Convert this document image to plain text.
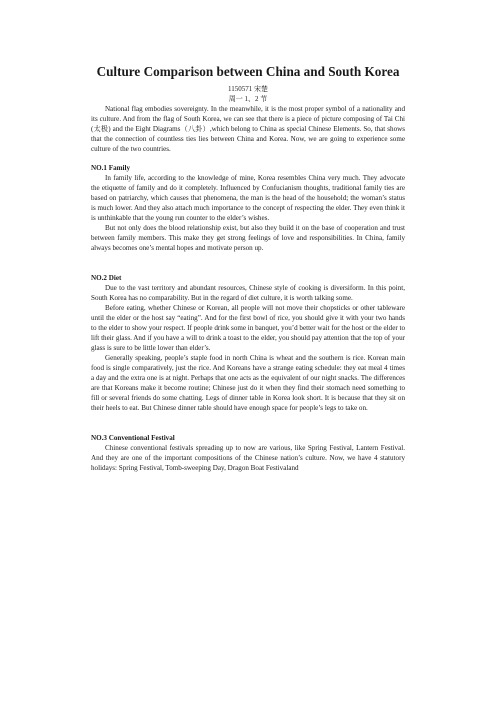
Culture Comparison between China and South Korea
1150571 宋楚
周一 1、2 节

National flag embodies sovereignty. In the meanwhile, it is the most proper symbol of a nationality and its culture. And from the flag of South Korea, we can see that there is a piece of picture composing of Tai Chi (太极) and the Eight Diagrams（八卦）,which belong to China as special Chinese Elements. So, that shows that the connection of countless ties lies between China and Korea. Now, we are going to experience some culture of the two countries.

NO.1 Family

In family life, according to the knowledge of mine, Korea resembles China very much. They advocate the etiquette of family and do it completely. Influenced by Confucianism thoughts, traditional family ties are based on patriarchy, which causes that phenomena, the man is the head of the household; the woman’s status is much lower. And they also attach much importance to the concept of respecting the elder. They even think it is unthinkable that the young run counter to the elder’s wishes.

But not only does the blood relationship exist, but also they build it on the base of cooperation and trust between family members. This make they get strong feelings of love and responsibilities. In China, family always becomes one’s mental hopes and motivate person up.

NO.2 Diet

Due to the vast territory and abundant resources, Chinese style of cooking is diversiform. In this point, South Korea has no comparability. But in the regard of diet culture, it is worth talking some.

Before eating, whether Chinese or Korean, all people will not move their chopsticks or other tableware until the elder or the host say “eating”. And for the first bowl of rice, you should give it with your two hands to the elder to show your respect. If people drink some in banquet, you’d better wait for the host or the elder to lift their glass. And if you have a will to drink a toast to the elder, you should pay attention that the top of your glass is sure to be little lower than elder’s.

Generally speaking, people’s staple food in north China is wheat and the southern is rice. Korean main food is single comparatively, just the rice. And Koreans have a strange eating schedule: they eat meal 4 times a day and the extra one is at night. Perhaps that one acts as the equivalent of our night snacks. The differences are that Koreans make it become routine; Chinese just do it when they find their stomach need something to fill or several friends do some chatting. Legs of dinner table in Korea look short. It is because that they sit on their heels to eat. But Chinese dinner table should have enough space for people’s legs to take on.

NO.3 Conventional Festival

Chinese conventional festivals spreading up to now are various, like Spring Festival, Lantern Festival. And they are one of the important compositions of the Chinese nation’s culture. Now, we have 4 statutory holidays: Spring Festival, Tomb-sweeping Day, Dragon Boat Festivaland
